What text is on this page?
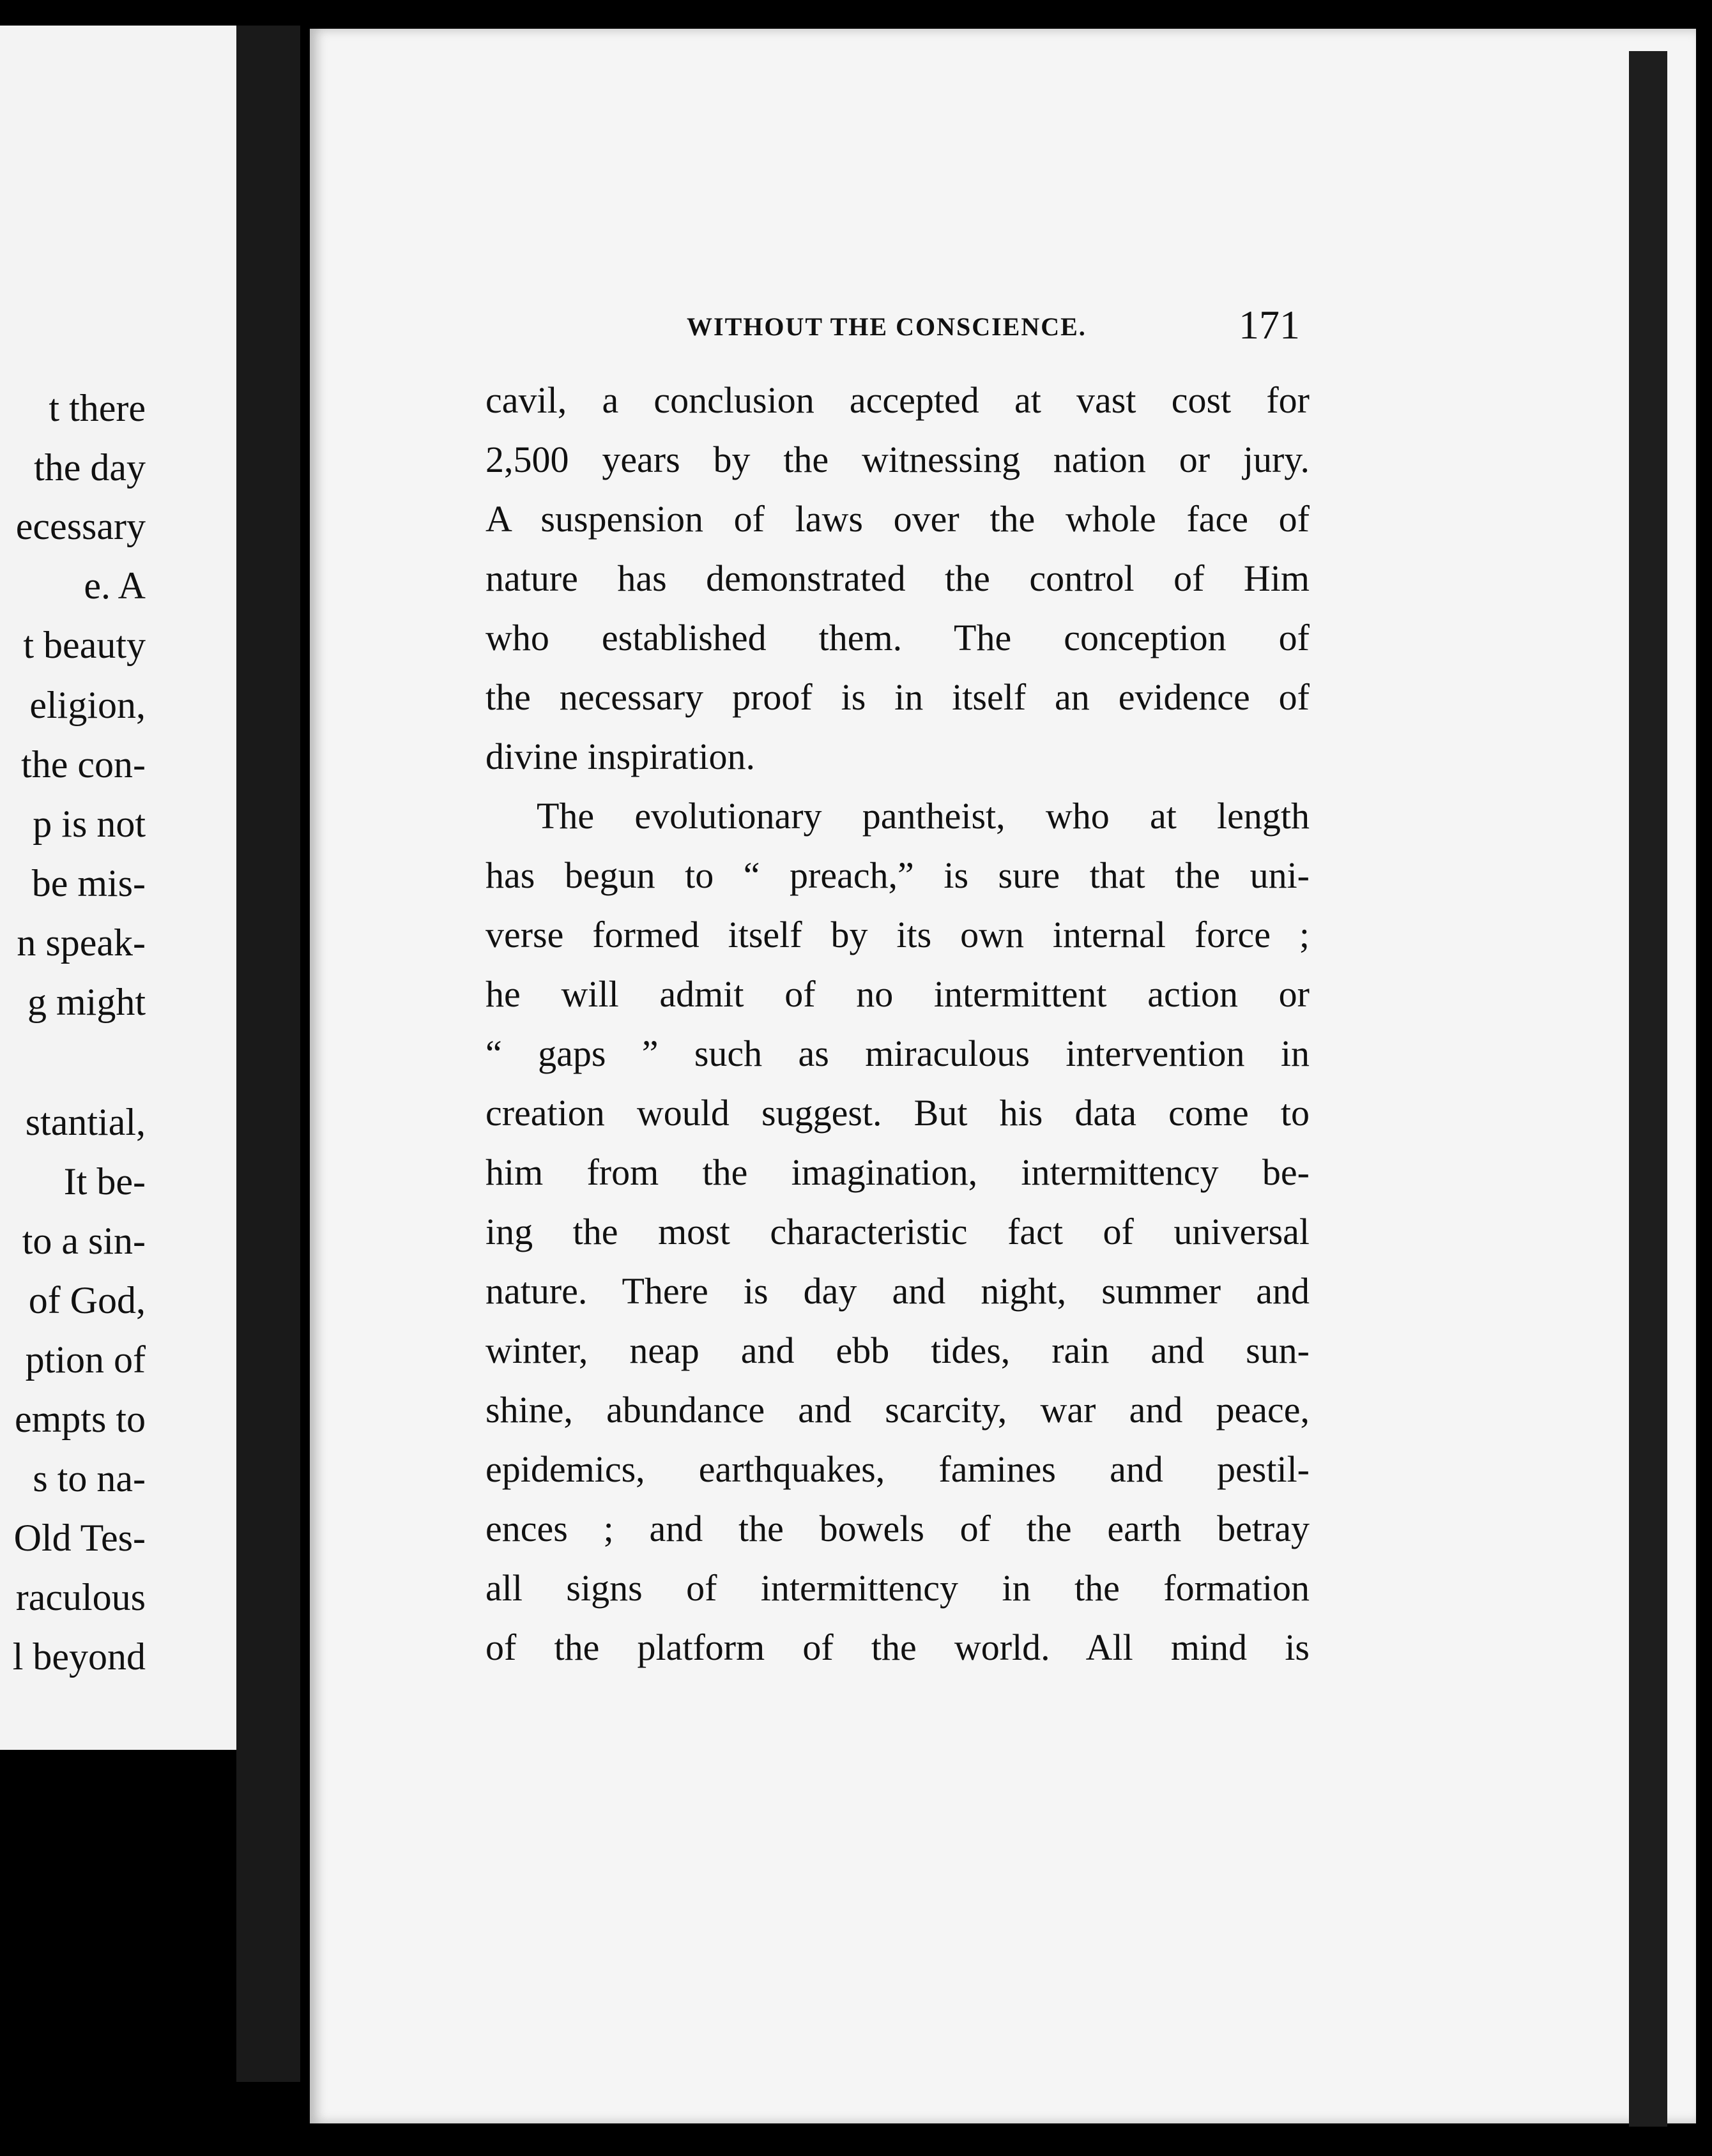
t there
the day
ecessary
e. A
t beauty
eligion,
the con-
p is not
be mis-
n speak-
g might
stantial,
It be-
to a sin-
of God,
ption of
empts to
s to na-
Old Tes-
raculous
l beyond
WITHOUT THE CONSCIENCE.	171
cavil, a conclusion accepted at vast cost for
2,500 years by the witnessing nation or jury.
A suspension of laws over the whole face of
nature has demonstrated the control of Him
who established them. The conception of
the necessary proof is in itself an evidence of
divine inspiration.
The evolutionary pantheist, who at length
has begun to “ preach,” is sure that the uni-
verse formed itself by its own internal force ;
he will admit of no intermittent action or
“ gaps ” such as miraculous intervention in
creation would suggest. But his data come to
him from the imagination, intermittency be-
ing the most characteristic fact of universal
nature. There is day and night, summer and
winter, neap and ebb tides, rain and sun-
shine, abundance and scarcity, war and peace,
epidemics, earthquakes, famines and pestil-
ences ; and the bowels of the earth betray
all signs of intermittency in the formation
of the platform of the world. All mind is
